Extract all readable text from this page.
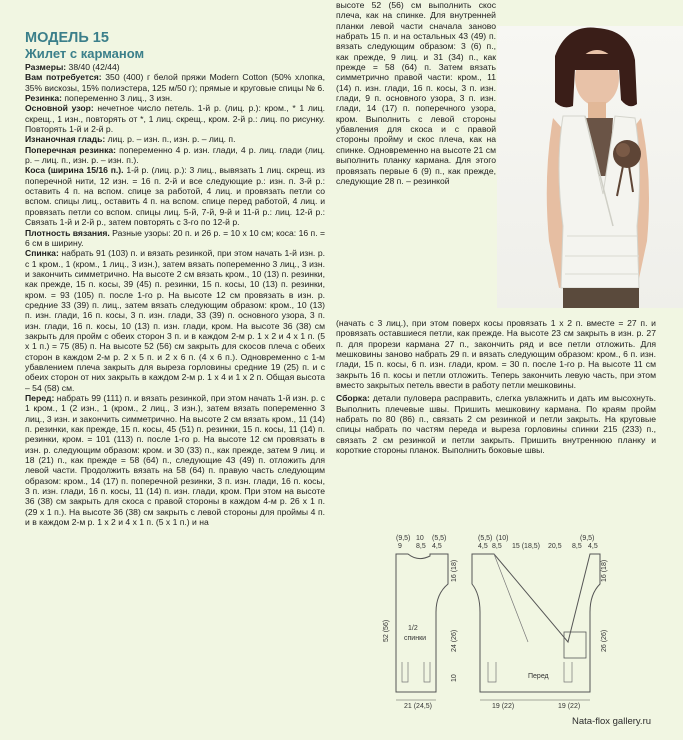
МОДЕЛЬ 15

Жилет с карманом

Размеры: 38/40 (42/44)

Вам потребуется: 350 (400) г белой пряжи Modern Cotton (50% хлопка, 35% вискозы, 15% полиэстера, 125 м/50 г); прямые и круговые спицы № 6.

Резинка: попеременно 3 лиц., 3 изн.

Основной узор: нечетное число петель. 1-й р. (лиц. р.): кром., * 1 лиц. скрещ., 1 изн., повторять от *, 1 лиц. скрещ., кром. 2-й р.: лиц. по рисунку. Повторять 1-й и 2-й р.

Изнаночная гладь: лиц. р. – изн. п., изн. р. – лиц. п.

Поперечная резинка: попеременно 4 р. изн. глади, 4 р. лиц. глади (лиц. р. – лиц. п., изн. р. – изн. п.).

Коса (ширина 15/16 п.). 1-й р. (лиц. р.): 3 лиц., вывязать 1 лиц. скрещ. из поперечной нити, 12 изн. = 16 п. 2-й и все следующие р.: изн. п. 3-й р.: оставить 4 п. на вспом. спице за работой, 4 лиц. и провязать петли со вспом. спицы лиц., оставить 4 п. на вспом. спице перед работой, 4 лиц. и провязать петли со вспом. спицы лиц. 5-й, 7-й, 9-й и 11-й р.: лиц. 12-й р.: Связать 1-й и 2-й р., затем повторять с 3-го по 12-й р.

Плотность вязания. Разные узоры: 20 п. и 26 р. = 10 х 10 см; коса: 16 п. = 6 см в ширину.

Спинка: набрать 91 (103) п. и вязать резинкой, при этом начать 1-й изн. р. с 1 кром., 1 (кром., 1 лиц., 3 изн.), затем вязать попеременно 3 лиц., 3 изн. и закончить симметрично. На высоте 2 см вязать кром., 10 (13) п. резинки, как прежде, 15 п. косы, 39 (45) п. резинки, 15 п. косы, 10 (13) п. резинки, кром. = 93 (105) п. после 1-го р. На высоте 12 см провязать в изн. р. средние 33 (39) п. лиц., затем вязать следующим образом: кром., 10 (13) п. изн. глади, 16 п. косы, 3 п. изн. глади, 33 (39) п. основного узора, 3 п. изн. глади, 16 п. косы, 10 (13) п. изн. глади, кром. На высоте 36 (38) см закрыть для пройм с обеих сторон 3 п. и в каждом 2-м р. 1 х 2 и 4 х 1 п. (5 х 1 п.) = 75 (85) п. На высоте 52 (56) см закрыть для скосов плеча с обеих сторон в каждом 2-м р. 2 х 5 п. и 2 х 6 п. (4 х 6 п.). Одновременно с 1-м убавлением плеча закрыть для выреза горловины средние 19 (25) п. и с обеих сторон от них закрыть в каждом 2-м р. 1 х 4 и 1 х 2 п. Общая высота – 54 (58) см.

Перед: набрать 99 (111) п. и вязать резинкой, при этом начать 1-й изн. р. с 1 кром., 1 (2 изн., 1 (кром., 2 лиц., 3 изн.), затем вязать попеременно 3 лиц., 3 изн. и закончить симметрично. На высоте 2 см вязать кром., 11 (14) п. резинки, как прежде, 15 п. косы, 45 (51) п. резинки, 15 п. косы, 11 (14) п. резинки, кром. = 101 (113) п. после 1-го р. На высоте 12 см провязать в изн. р. следующим образом: кром. и 30 (33) п., как прежде, затем 9 лиц. и 18 (21) п., как прежде = 58 (64) п., следующие 43 (49) п. отложить для левой части. Продолжить вязать на 58 (64) п. правую часть следующим образом: кром., 14 (17) п. поперечной резинки, 3 п. изн. глади, 16 п. косы, 3 п. изн. глади, 16 п. косы, 11 (14) п. изн. глади, кром. При этом на высоте 36 (38) см закрыть для скоса с правой стороны в каждом 4-м р. 26 х 1 п. (29 х 1 п.). На высоте 36 (38) см закрыть с левой стороны для проймы 4 п. и в каждом 2-м р. 1 х 2 и 4 х 1 п. (5 х 1 п.) и на

высоте 52 (56) см выполнить скос плеча, как на спинке. Для внутренней планки левой части сначала заново набрать 15 п. и на остальных 43 (49) п. вязать следующим образом: 3 (6) п., как прежде, 9 лиц. и 31 (34) п., как прежде = 58 (64) п. Затем вязать симметрично правой части: кром., 11 (14) п. изн. глади, 16 п. косы, 3 п. изн. глади, 9 п. основного узора, 3 п. изн. глади, 14 (17) п. поперечного узора, кром. Выполнить с левой стороны убавления для скоса и с правой стороны пройму и скос плеча, как на спинке. Одновременно на высоте 21 см выполнить планку кармана. Для этого провязать первые 6 (9) п., как прежде, следующие 28 п. – резинкой

(начать с 3 лиц.), при этом поверх косы провязать 1 х 2 п. вместе = 27 п. и провязать оставшиеся петли, как прежде. На высоте 23 см закрыть в изн. р. 27 п. для прорези кармана 27 п., закончить ряд и все петли отложить. Для мешковины заново набрать 29 п. и вязать следующим образом: кром., 6 п. изн. глади, 15 п. косы, 6 п. изн. глади, кром. = 30 п. после 1-го р. На высоте 11 см закрыть 16 п. косы и петли отложить. Теперь закончить левую часть, при этом вместо закрытых петель ввести в работу петли мешковины.

Сборка: детали пуловера расправить, слегка увлажнить и дать им высохнуть. Выполнить плечевые швы. Пришить мешковину кармана. По краям пройм набрать по 80 (86) п., связать 2 см резинкой и петли закрыть. На круговые спицы набрать по частям переда и выреза горловины спинки 215 (233) п., связать 2 см резинкой и петли закрыть. Пришить внутреннюю планку и короткие стороны планок. Выполнить боковые швы.

(9,5) 10 (5,5)
9 8,5 4,5
(5,5) (10)	(9,5)
4,5 8,5 15 (18,5) 20,5 8,5 4,5
1/2
спинки
52 (56)
16 (18)
24 (26)
10	Перед
16 (18)
26 (26)
21 (24,5)	19 (22)	19 (22)
Nata-flox gallery.ru
